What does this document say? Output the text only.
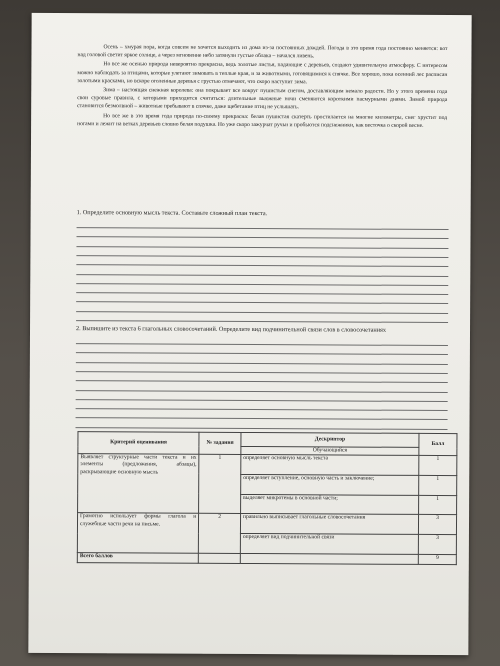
Осень – хмурая пора, когда совсем не хочется выходить из дома из-за постоянных дождей. Погода в это время года постоянно меняется: вот над головой светит яркое солнце, а через мгновение небо затянули густые облака – начался ливень.

Но все же осенью природа невероятно прекрасна, ведь золотые листья, падающие с деревьев, создают удивительную атмосферу. С интересом можно наблюдать за птицами, которые улетают зимовать в теплые края, и за животными, готовящимися к спячке. Все хорошо, пока осенний лес расписан золотыми красками, но вскоре оголенные деревья с грустью отмечают, что скоро наступит зима.

Зима – настоящая снежная королева: она покрывает все вокруг пушистым снегом, доставляющим немало радости. Но у этого времени года свои суровые правила, с которыми приходится считаться: длительные вьюжные ночи сменяются короткими пасмурными днями. Зимой природа становится безмолвной – животные пребывают в спячке, даже щебетание птиц не услышать.

Но все же в это время года природа по-своему прекрасна: белая пушистая скатерть простилается на многие километры, снег хрустит под ногами и лежит на ветках деревьев словно белая подушка. Но уже скоро зажурчат ручьи и пробьются подснежники, как весточка о скорой весне.

1. Определите основную мысль текста. Составьте сложный план текста.

2. Выпишите из текста 6 глагольных словосочетаний. Определите вид подчинительной связи слов в словосочетаниях

Критерий оценивания	№ задания	Дескриптор	Балл
		Обучающийся	
Выявляет структурные части текста и их элементы (предложения, абзацы), раскрывающие основную мысль	1	определяет основную мысль текста	1
		определяет вступление, основную часть и заключение;	1
		выделяет микротемы в основной части;	1
Грамотно использует формы глагола и служебные части речи на письме.	2	правильно выписывает глагольные словосочетания	3
		определяет вид подчинительной связи	3
Всего баллов			9
